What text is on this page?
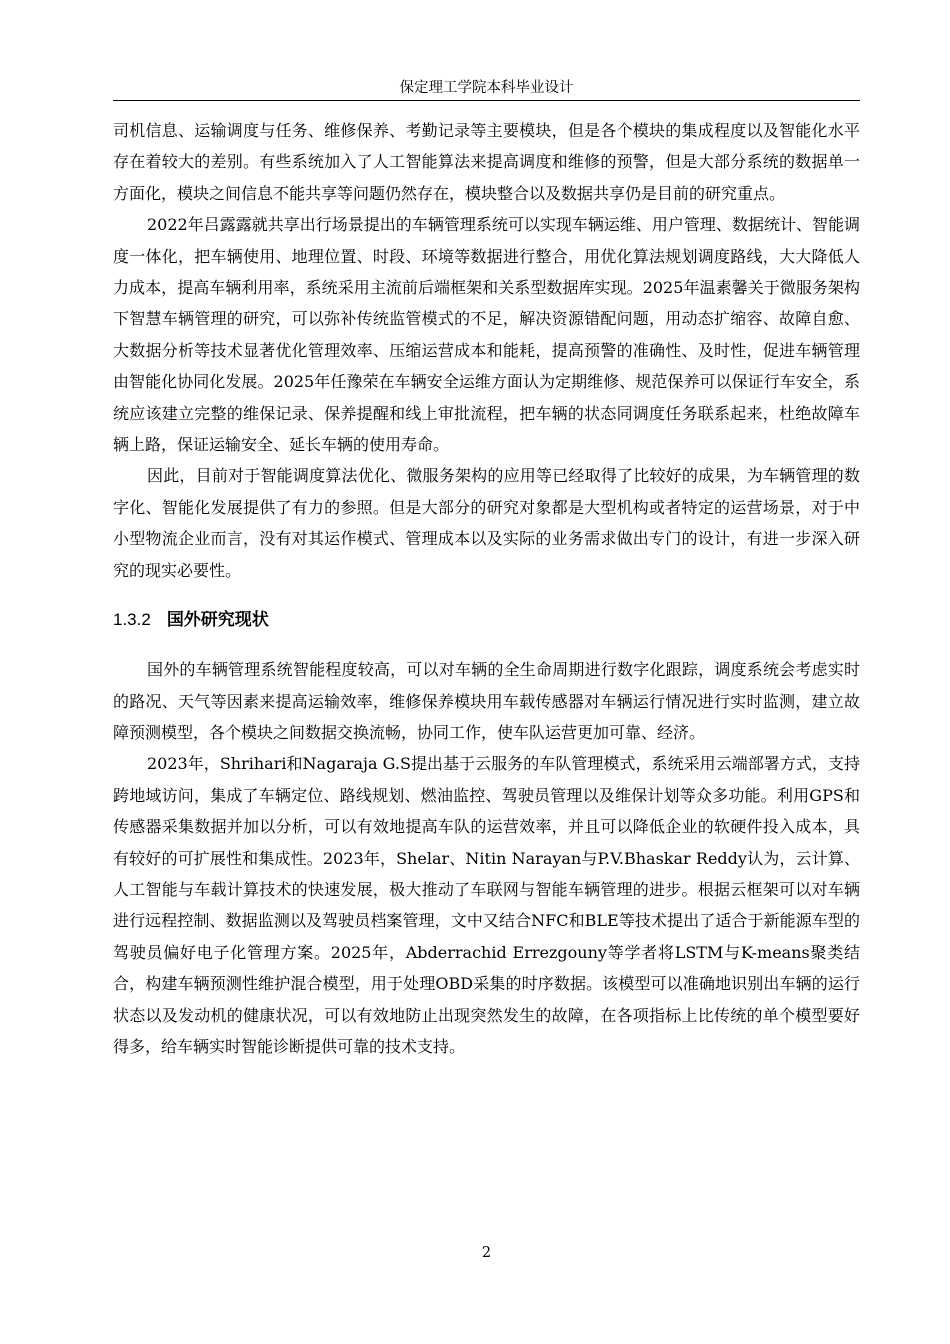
保定理工学院本科毕业设计

司机信息、运输调度与任务、维修保养、考勤记录等主要模块，但是各个模块的集成程度以及智能化水平存在着较大的差别。有些系统加入了人工智能算法来提高调度和维修的预警，但是大部分系统的数据单一方面化，模块之间信息不能共享等问题仍然存在，模块整合以及数据共享仍是目前的研究重点。

2022年吕露露就共享出行场景提出的车辆管理系统可以实现车辆运维、用户管理、数据统计、智能调度一体化，把车辆使用、地理位置、时段、环境等数据进行整合，用优化算法规划调度路线，大大降低人力成本，提高车辆利用率，系统采用主流前后端框架和关系型数据库实现。2025年温素馨关于微服务架构下智慧车辆管理的研究，可以弥补传统监管模式的不足，解决资源错配问题，用动态扩缩容、故障自愈、大数据分析等技术显著优化管理效率、压缩运营成本和能耗，提高预警的准确性、及时性，促进车辆管理由智能化协同化发展。2025年任豫荣在车辆安全运维方面认为定期维修、规范保养可以保证行车安全，系统应该建立完整的维保记录、保养提醒和线上审批流程，把车辆的状态同调度任务联系起来，杜绝故障车辆上路，保证运输安全、延长车辆的使用寿命。

因此，目前对于智能调度算法优化、微服务架构的应用等已经取得了比较好的成果，为车辆管理的数字化、智能化发展提供了有力的参照。但是大部分的研究对象都是大型机构或者特定的运营场景，对于中小型物流企业而言，没有对其运作模式、管理成本以及实际的业务需求做出专门的设计，有进一步深入研究的现实必要性。

1.3.2 国外研究现状

国外的车辆管理系统智能程度较高，可以对车辆的全生命周期进行数字化跟踪，调度系统会考虑实时的路况、天气等因素来提高运输效率，维修保养模块用车载传感器对车辆运行情况进行实时监测，建立故障预测模型，各个模块之间数据交换流畅，协同工作，使车队运营更加可靠、经济。

2023年，Shrihari和Nagaraja G.S提出基于云服务的车队管理模式，系统采用云端部署方式，支持跨地域访问，集成了车辆定位、路线规划、燃油监控、驾驶员管理以及维保计划等众多功能。利用GPS和传感器采集数据并加以分析，可以有效地提高车队的运营效率，并且可以降低企业的软硬件投入成本，具有较好的可扩展性和集成性。2023年，Shelar、Nitin Narayan与P.V.Bhaskar Reddy认为，云计算、人工智能与车载计算技术的快速发展，极大推动了车联网与智能车辆管理的进步。根据云框架可以对车辆进行远程控制、数据监测以及驾驶员档案管理，文中又结合NFC和BLE等技术提出了适合于新能源车型的驾驶员偏好电子化管理方案。2025年，Abderrachid Errezgouny等学者将LSTM与K-means聚类结合，构建车辆预测性维护混合模型，用于处理OBD采集的时序数据。该模型可以准确地识别出车辆的运行状态以及发动机的健康状况，可以有效地防止出现突然发生的故障，在各项指标上比传统的单个模型要好得多，给车辆实时智能诊断提供可靠的技术支持。

2
